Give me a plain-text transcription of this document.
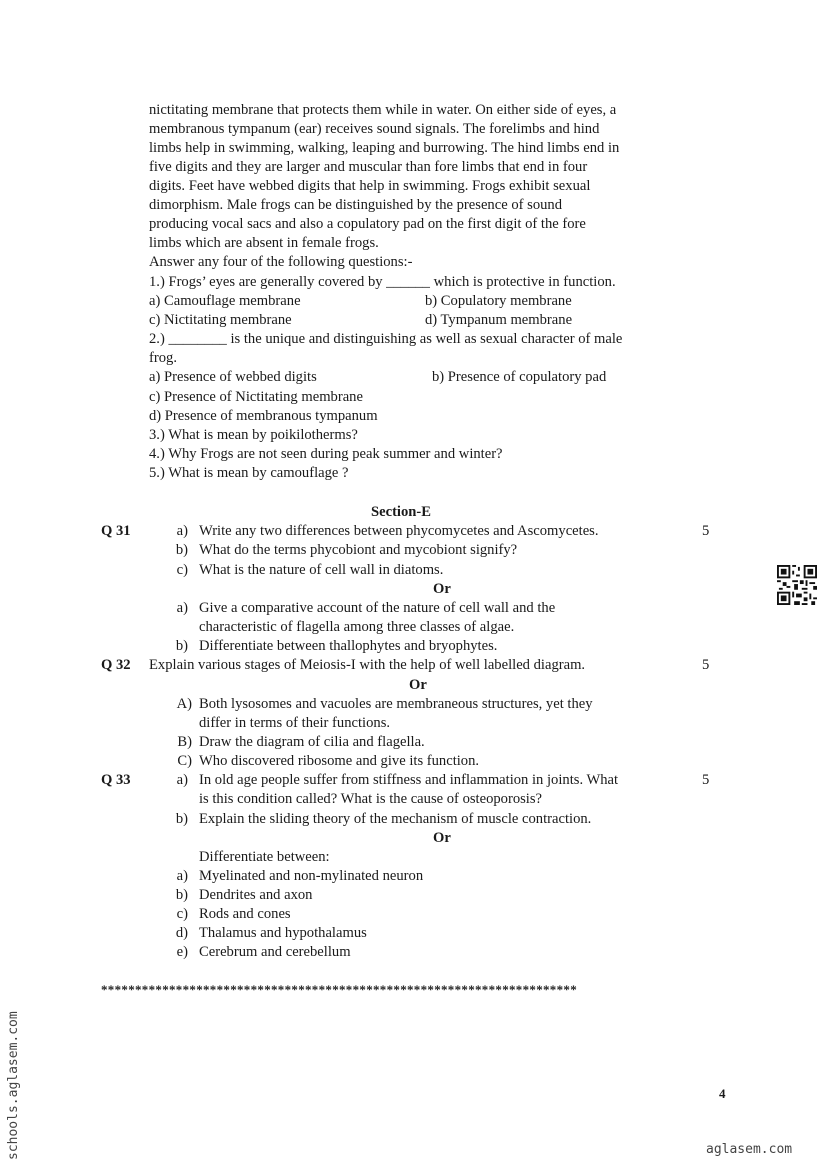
nictitating membrane that protects them while in water. On either side of eyes, a
membranous tympanum (ear) receives sound signals. The forelimbs and hind
limbs help in swimming, walking, leaping and burrowing. The hind limbs end in
five digits and they are larger and muscular than fore limbs that end in four
digits. Feet have webbed digits that help in swimming. Frogs exhibit sexual
dimorphism. Male frogs can be distinguished by the presence of sound
producing vocal sacs and also a copulatory pad on the first digit of the fore
limbs which are absent in female frogs.
Answer any four of the following questions:-
1.) Frogs’ eyes are generally covered by ______ which is protective in function.
a) Camouflage membrane	b) Copulatory membrane
c) Nictitating membrane	d) Tympanum membrane
2.) ________ is the unique and distinguishing as well as sexual character of male
frog.
a) Presence of webbed digits	b) Presence of copulatory pad
c) Presence of Nictitating membrane
d) Presence of membranous tympanum
3.) What is mean by poikilotherms?
4.) Why Frogs are not seen during peak summer and winter?
5.) What is mean by camouflage ?
Section-E
Q 31	5
a) Write any two differences between phycomycetes and Ascomycetes.
b) What do the terms phycobiont and mycobiont signify?
c) What is the nature of cell wall in diatoms.
Or
a) Give a comparative account of the nature of cell wall and the
characteristic of flagella among three classes of algae.
b) Differentiate between thallophytes and bryophytes.
Q 32 Explain various stages of Meiosis-I with the help of well labelled diagram.	5
Or
A) Both lysosomes and vacuoles are membraneous structures, yet they
differ in terms of their functions.
B) Draw the diagram of cilia and flagella.
C) Who discovered ribosome and give its function.
Q 33	5
a) In old age people suffer from stiffness and inflammation in joints. What
is this condition called? What is the cause of osteoporosis?
b) Explain the sliding theory of the mechanism of muscle contraction.
Or
Differentiate between:
a) Myelinated and non-mylinated neuron
b) Dendrites and axon
c) Rods and cones
d) Thalamus and hypothalamus
e) Cerebrum and cerebellum
**********************************************************************
4
aglasem.com
schools.aglasem.com
